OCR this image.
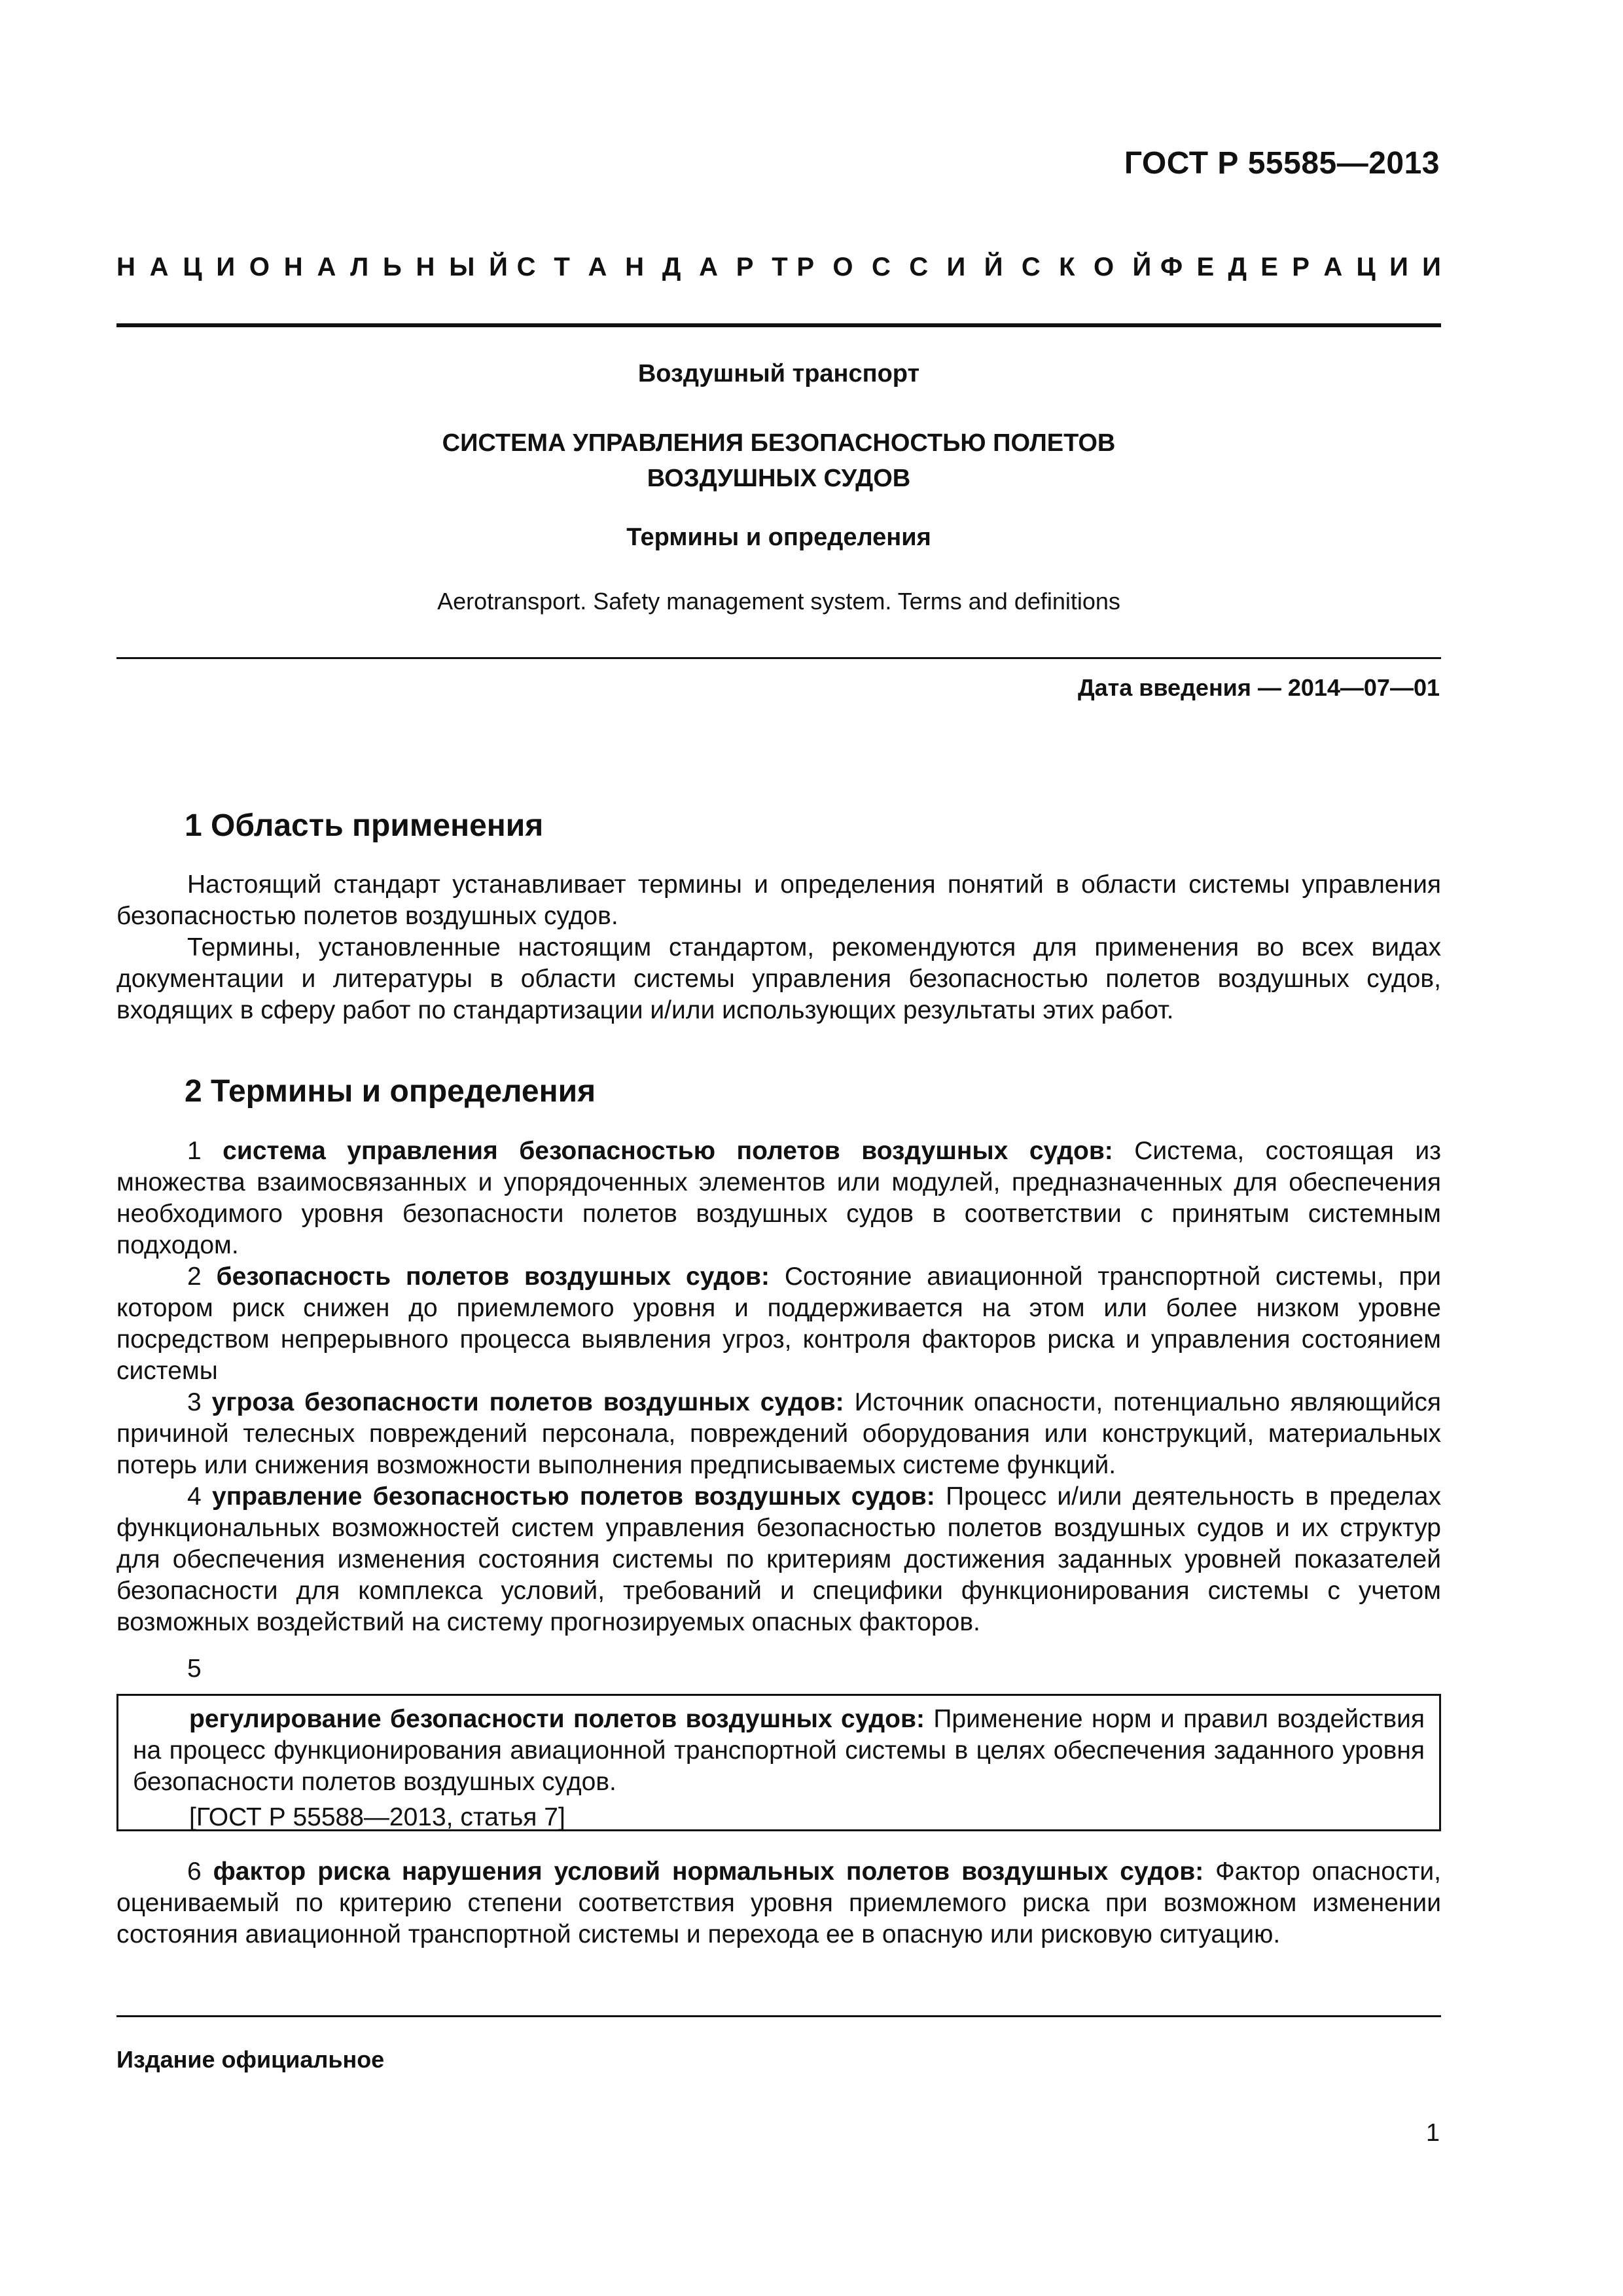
ГОСТ Р 55585—2013
Н А Ц И О Н А Л Ь Н Ы Й С Т А Н Д А Р Т Р О С С И Й С К О Й Ф Е Д Е Р А Ц И И
Воздушный транспорт
СИСТЕМА УПРАВЛЕНИЯ БЕЗОПАСНОСТЬЮ ПОЛЕТОВ
ВОЗДУШНЫХ СУДОВ
Термины и определения
Aerotransport. Safety management system. Terms and definitions
Дата введения — 2014—07—01
1 Область применения

Настоящий стандарт устанавливает термины и определения понятий в области системы управления безопасностью полетов воздушных судов.

Термины, установленные настоящим стандартом, рекомендуются для применения во всех видах документации и литературы в области системы управления безопасностью полетов воздушных судов, входящих в сферу работ по стандартизации и/или использующих результаты этих работ.

2 Термины и определения

1 система управления безопасностью полетов воздушных судов: Система, состоящая из множества взаимосвязанных и упорядоченных элементов или модулей, предназначенных для обеспечения необходимого уровня безопасности полетов воздушных судов в соответствии с принятым системным подходом.

2 безопасность полетов воздушных судов: Состояние авиационной транспортной системы, при котором риск снижен до приемлемого уровня и поддерживается на этом или более низком уровне посредством непрерывного процесса выявления угроз, контроля факторов риска и управления состоянием системы

3 угроза безопасности полетов воздушных судов: Источник опасности, потенциально являющийся причиной телесных повреждений персонала, повреждений оборудования или конструкций, материальных потерь или снижения возможности выполнения предписываемых системе функций.

4 управление безопасностью полетов воздушных судов: Процесс и/или деятельность в пределах функциональных возможностей систем управления безопасностью полетов воздушных судов и их структур для обеспечения изменения состояния системы по критериям достижения заданных уровней показателей безопасности для комплекса условий, требований и специфики функционирования системы с учетом возможных воздействий на систему прогнозируемых опасных факторов.

5

регулирование безопасности полетов воздушных судов: Применение норм и правил воздействия на процесс функционирования авиационной транспортной системы в целях обеспечения заданного уровня безопасности полетов воздушных судов.

[ГОСТ Р 55588—2013, статья 7]

6 фактор риска нарушения условий нормальных полетов воздушных судов: Фактор опасности, оцениваемый по критерию степени соответствия уровня приемлемого риска при возможном изменении состояния авиационной транспортной системы и перехода ее в опасную или рисковую ситуацию.

Издание официальное
1
